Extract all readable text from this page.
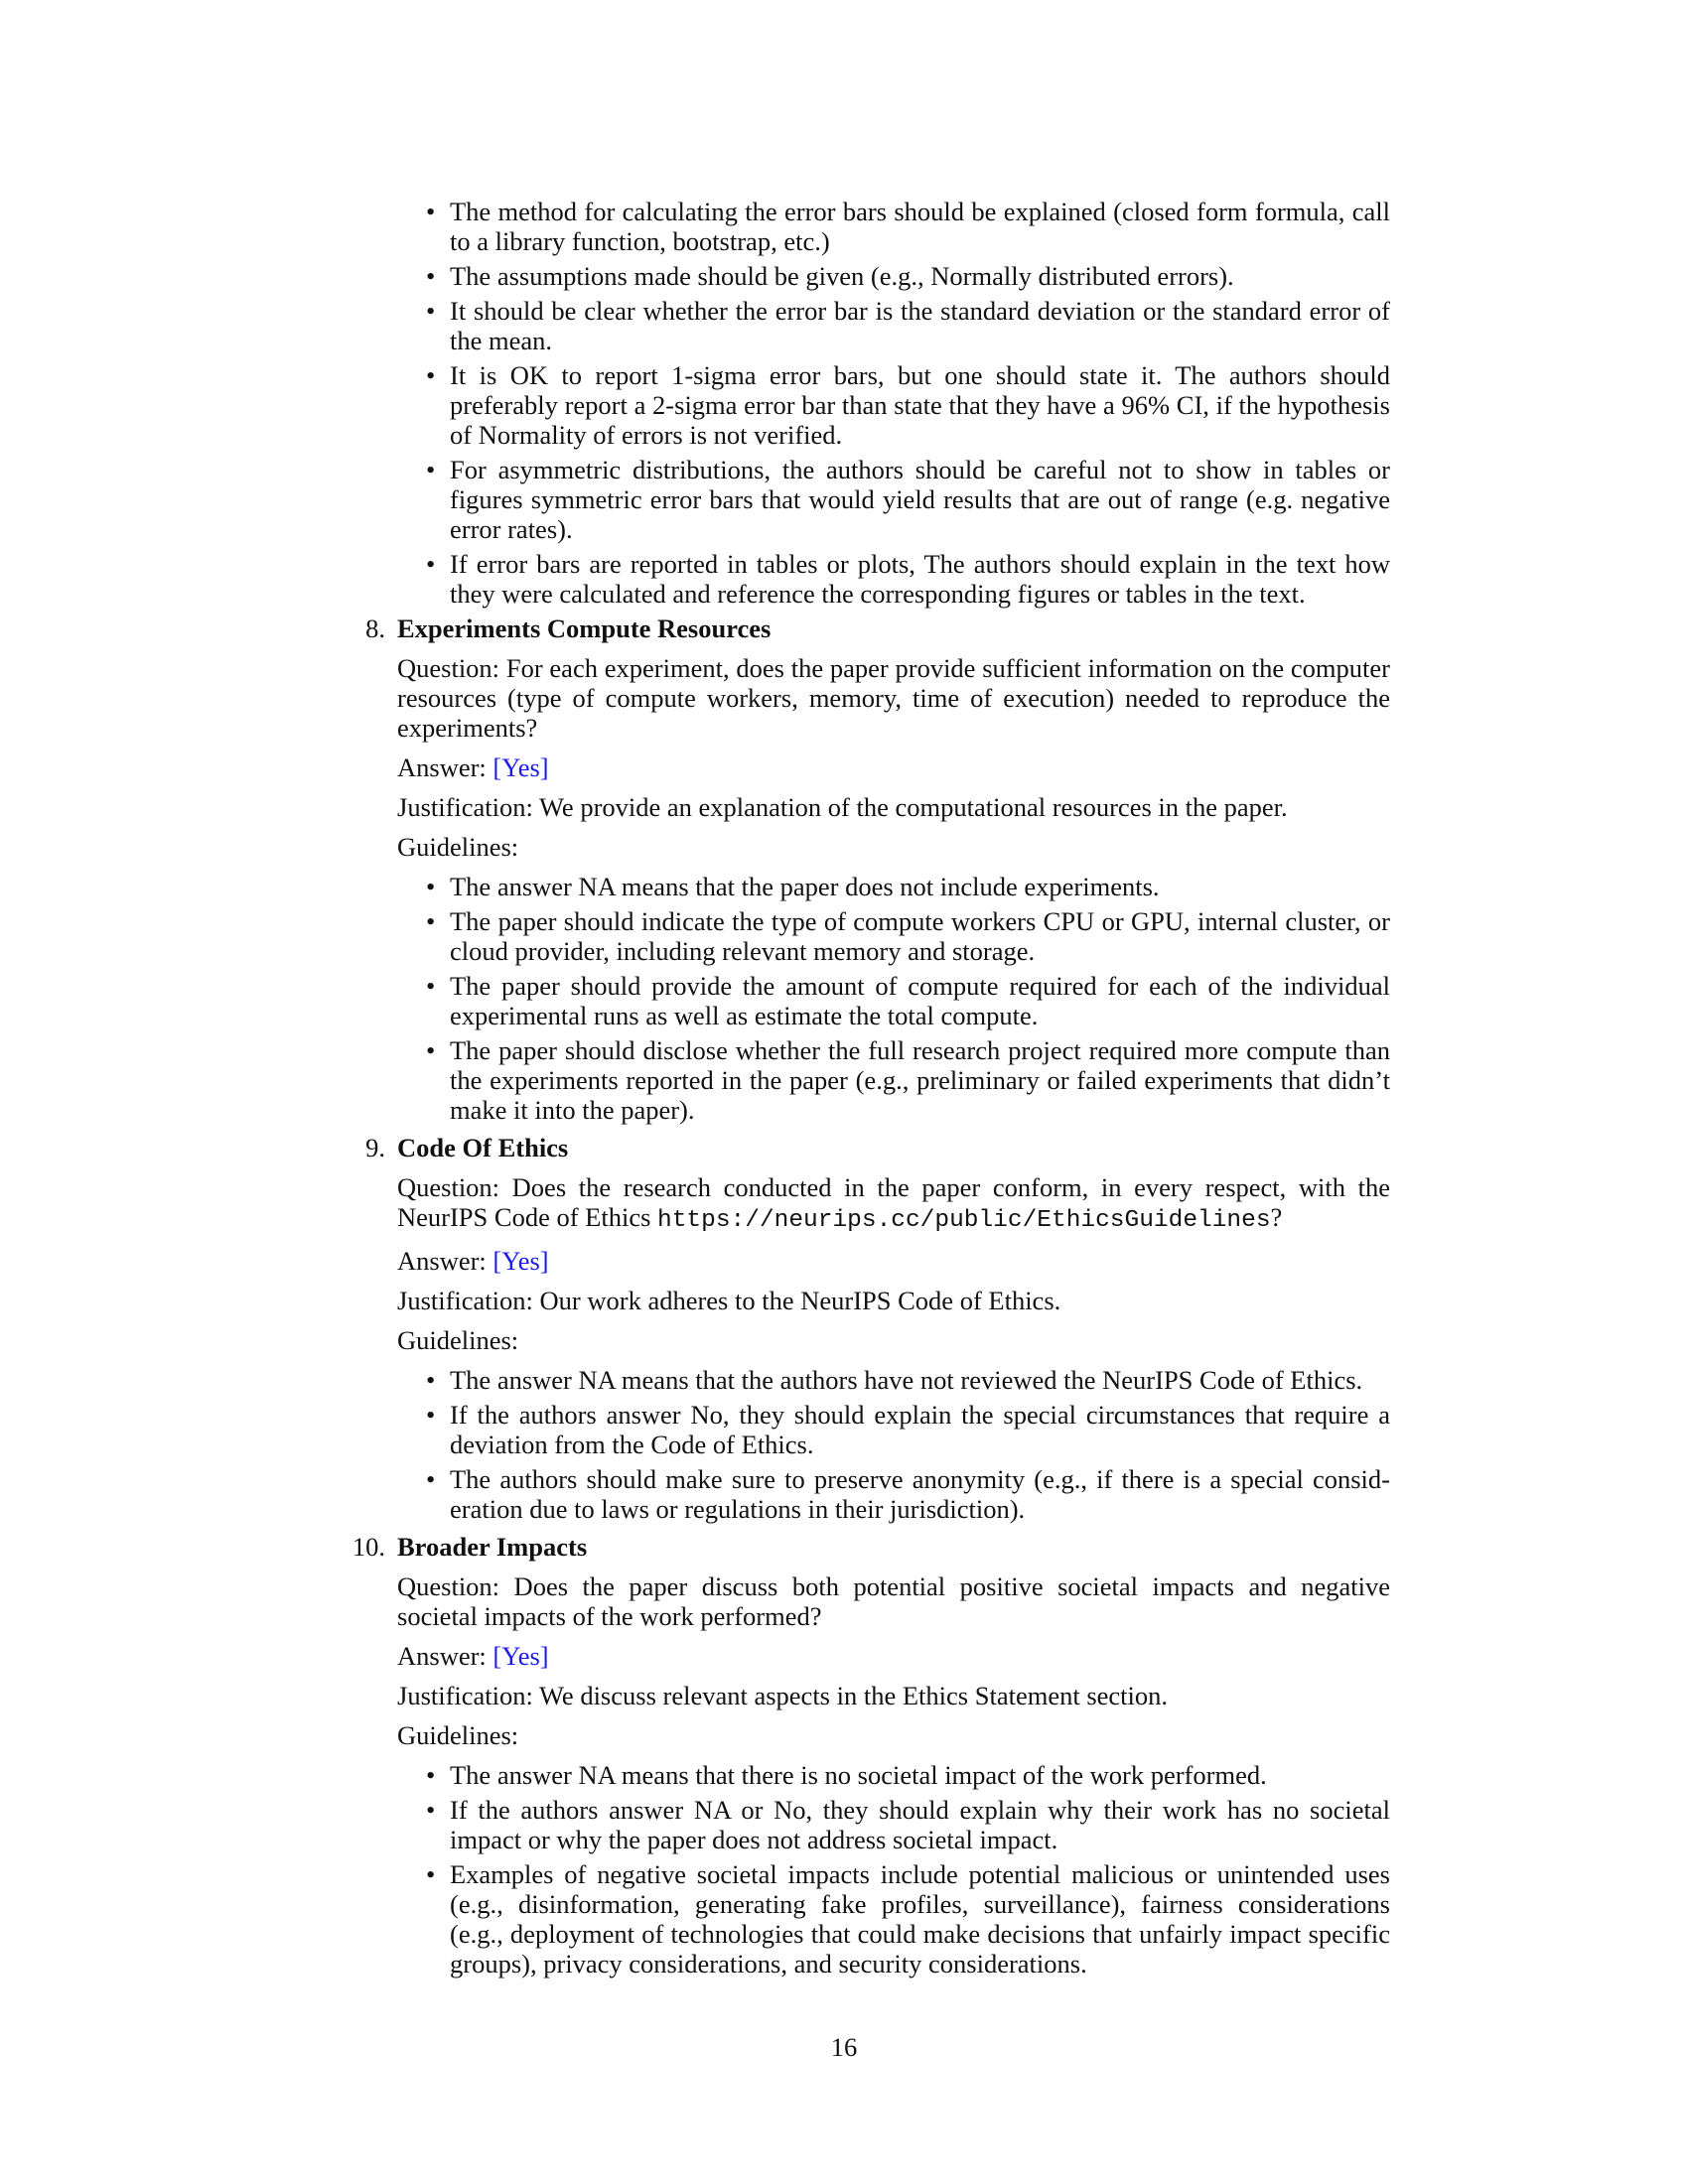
• The method for calculating the error bars should be explained (closed form formula, call to a library function, bootstrap, etc.)
• The assumptions made should be given (e.g., Normally distributed errors).
• It should be clear whether the error bar is the standard deviation or the standard error of the mean.
• It is OK to report 1-sigma error bars, but one should state it. The authors should preferably report a 2-sigma error bar than state that they have a 96% CI, if the hypothesis of Normality of errors is not verified.
• For asymmetric distributions, the authors should be careful not to show in tables or figures symmetric error bars that would yield results that are out of range (e.g. negative error rates).
• If error bars are reported in tables or plots, The authors should explain in the text how they were calculated and reference the corresponding figures or tables in the text.
8. Experiments Compute Resources
Question: For each experiment, does the paper provide sufficient information on the computer resources (type of compute workers, memory, time of execution) needed to reproduce the experiments?
Answer: [Yes]
Justification: We provide an explanation of the computational resources in the paper.
Guidelines:
• The answer NA means that the paper does not include experiments.
• The paper should indicate the type of compute workers CPU or GPU, internal cluster, or cloud provider, including relevant memory and storage.
• The paper should provide the amount of compute required for each of the individual experimental runs as well as estimate the total compute.
• The paper should disclose whether the full research project required more compute than the experiments reported in the paper (e.g., preliminary or failed experiments that didn’t make it into the paper).
9. Code Of Ethics
Question: Does the research conducted in the paper conform, in every respect, with the NeurIPS Code of Ethics https://neurips.cc/public/EthicsGuidelines?
Answer: [Yes]
Justification: Our work adheres to the NeurIPS Code of Ethics.
Guidelines:
• The answer NA means that the authors have not reviewed the NeurIPS Code of Ethics.
• If the authors answer No, they should explain the special circumstances that require a deviation from the Code of Ethics.
• The authors should make sure to preserve anonymity (e.g., if there is a special consideration due to laws or regulations in their jurisdiction).
10. Broader Impacts
Question: Does the paper discuss both potential positive societal impacts and negative societal impacts of the work performed?
Answer: [Yes]
Justification: We discuss relevant aspects in the Ethics Statement section.
Guidelines:
• The answer NA means that there is no societal impact of the work performed.
• If the authors answer NA or No, they should explain why their work has no societal impact or why the paper does not address societal impact.
• Examples of negative societal impacts include potential malicious or unintended uses (e.g., disinformation, generating fake profiles, surveillance), fairness considerations (e.g., deployment of technologies that could make decisions that unfairly impact specific groups), privacy considerations, and security considerations.
16
